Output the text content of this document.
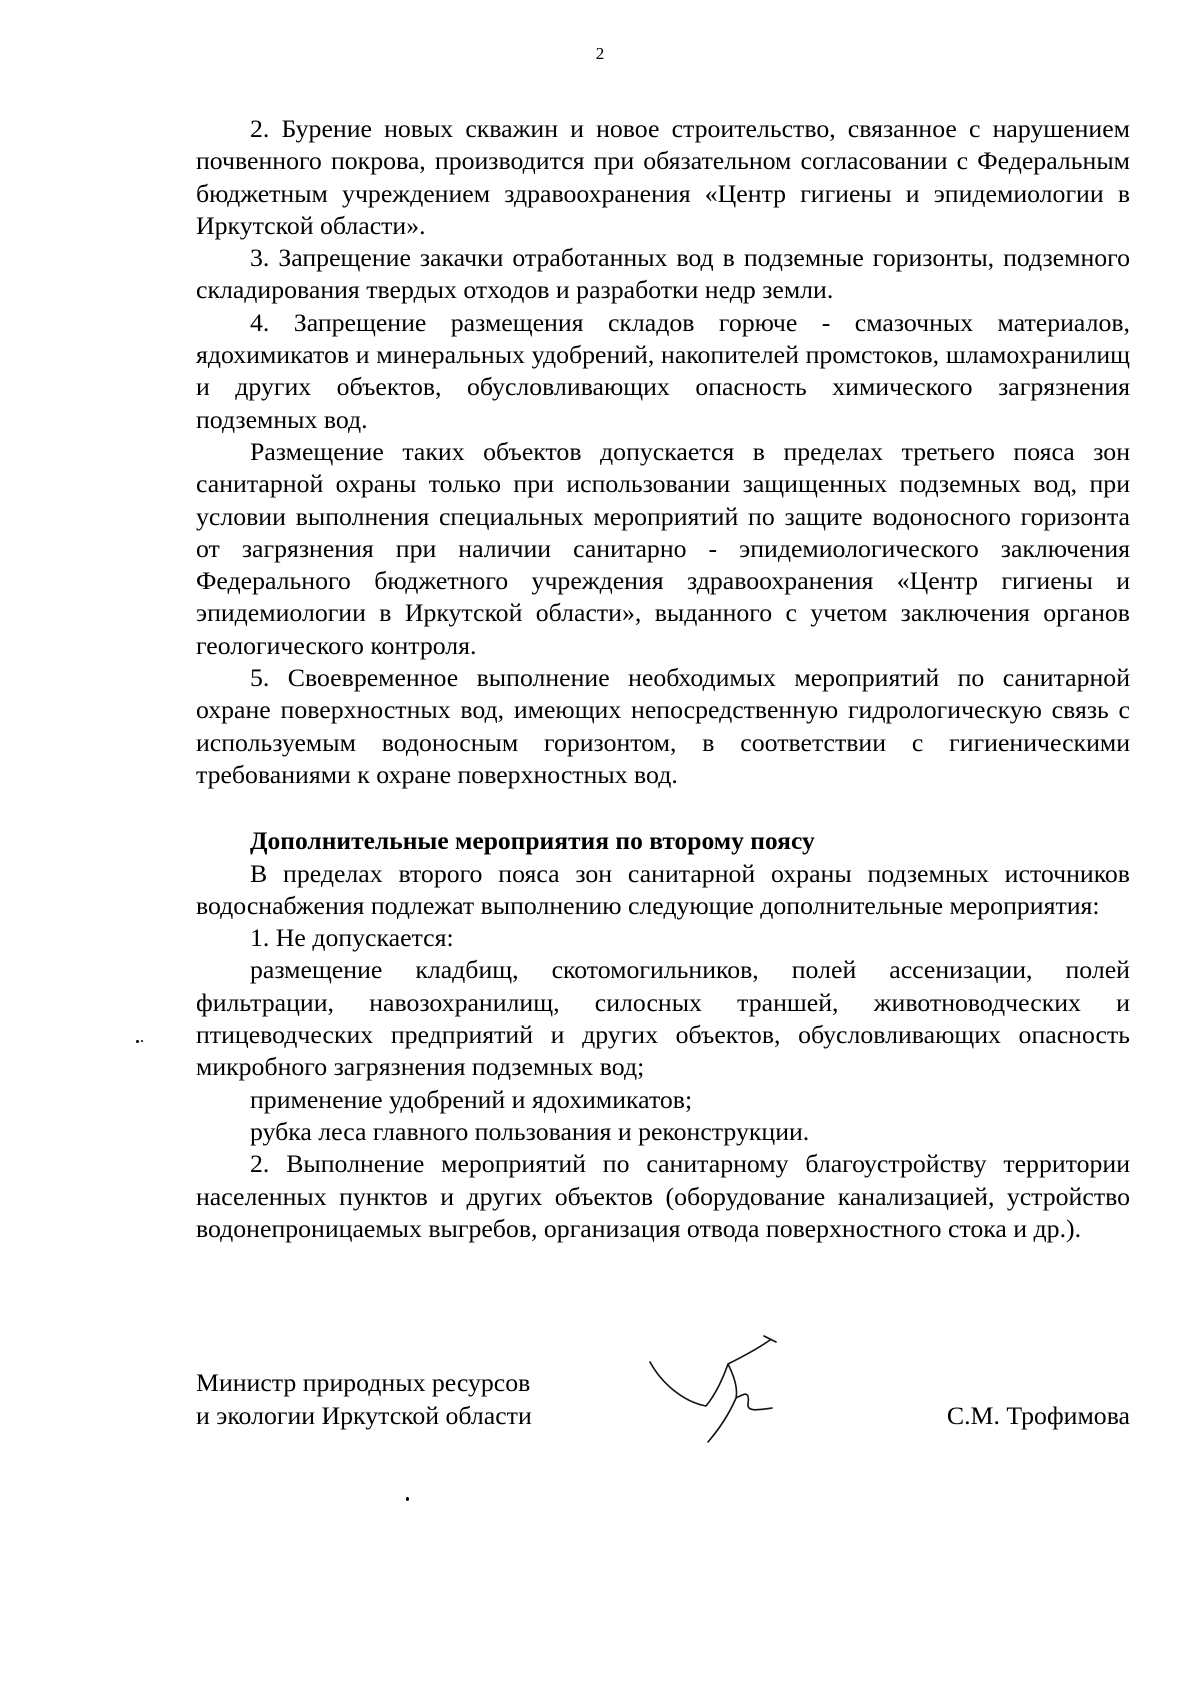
2

2. Бурение новых скважин и новое строительство, связанное с нарушением почвенного покрова, производится при обязательном согласовании с Федеральным бюджетным учреждением здравоохранения «Центр гигиены и эпидемиологии в Иркутской области».

3. Запрещение закачки отработанных вод в подземные горизонты, подземного складирования твердых отходов и разработки недр земли.

4. Запрещение размещения складов горюче - смазочных материалов, ядохимикатов и минеральных удобрений, накопителей промстоков, шламохранилищ и других объектов, обусловливающих опасность химического загрязнения подземных вод.

Размещение таких объектов допускается в пределах третьего пояса зон санитарной охраны только при использовании защищенных подземных вод, при условии выполнения специальных мероприятий по защите водоносного горизонта от загрязнения при наличии санитарно - эпидемиологического заключения Федерального бюджетного учреждения здравоохранения «Центр гигиены и эпидемиологии в Иркутской области», выданного с учетом заключения органов геологического контроля.

5. Своевременное выполнение необходимых мероприятий по санитарной охране поверхностных вод, имеющих непосредственную гидрологическую связь с используемым водоносным горизонтом, в соответствии с гигиеническими требованиями к охране поверхностных вод.

Дополнительные мероприятия по второму поясу

В пределах второго пояса зон санитарной охраны подземных источников водоснабжения подлежат выполнению следующие дополнительные мероприятия:

1. Не допускается:

размещение кладбищ, скотомогильников, полей ассенизации, полей фильтрации, навозохранилищ, силосных траншей, животноводческих и птицеводческих предприятий и других объектов, обусловливающих опасность микробного загрязнения подземных вод;

применение удобрений и ядохимикатов;

рубка леса главного пользования и реконструкции.

2. Выполнение мероприятий по санитарному благоустройству территории населенных пунктов и других объектов (оборудование канализацией, устройство водонепроницаемых выгребов, организация отвода поверхностного стока и др.).

Министр природных ресурсов
и экологии Иркутской области	С.М. Трофимова
